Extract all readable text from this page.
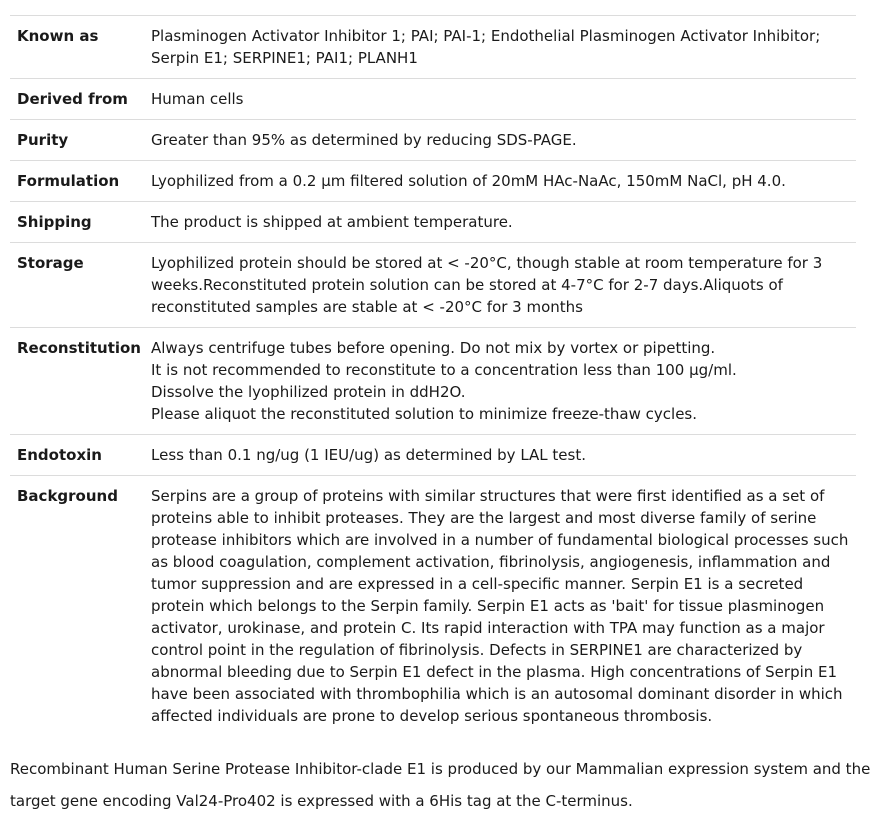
Known as	Plasminogen Activator Inhibitor 1; PAI; PAI-1; Endothelial Plasminogen Activator Inhibitor; Serpin E1; SERPINE1; PAI1; PLANH1
Derived from	Human cells
Purity	Greater than 95% as determined by reducing SDS-PAGE.
Formulation	Lyophilized from a 0.2 μm filtered solution of 20mM HAc-NaAc, 150mM NaCl, pH 4.0.
Shipping	The product is shipped at ambient temperature.
Storage	Lyophilized protein should be stored at < -20°C, though stable at room temperature for 3 weeks.Reconstituted protein solution can be stored at 4-7°C for 2-7 days.Aliquots of reconstituted samples are stable at < -20°C for 3 months
Reconstitution	Always centrifuge tubes before opening. Do not mix by vortex or pipetting.
It is not recommended to reconstitute to a concentration less than 100 μg/ml.
Dissolve the lyophilized protein in ddH2O.
Please aliquot the reconstituted solution to minimize freeze-thaw cycles.

Endotoxin	Less than 0.1 ng/ug (1 IEU/ug) as determined by LAL test.
Background	Serpins are a group of proteins with similar structures that were first identified as a set of proteins able to inhibit proteases. They are the largest and most diverse family of serine protease inhibitors which are involved in a number of fundamental biological processes such as blood coagulation, complement activation, fibrinolysis, angiogenesis, inflammation and tumor suppression and are expressed in a cell-specific manner. Serpin E1 is a secreted protein which belongs to the Serpin family. Serpin E1 acts as 'bait' for tissue plasminogen activator, urokinase, and protein C. Its rapid interaction with TPA may function as a major control point in the regulation of fibrinolysis. Defects in SERPINE1 are characterized by abnormal bleeding due to Serpin E1 defect in the plasma. High concentrations of Serpin E1 have been associated with thrombophilia which is an autosomal dominant disorder in which affected individuals are prone to develop serious spontaneous thrombosis.

Recombinant Human Serine Protease Inhibitor-clade E1 is produced by our Mammalian expression system and the target gene encoding Val24-Pro402 is expressed with a 6His tag at the C-terminus.
